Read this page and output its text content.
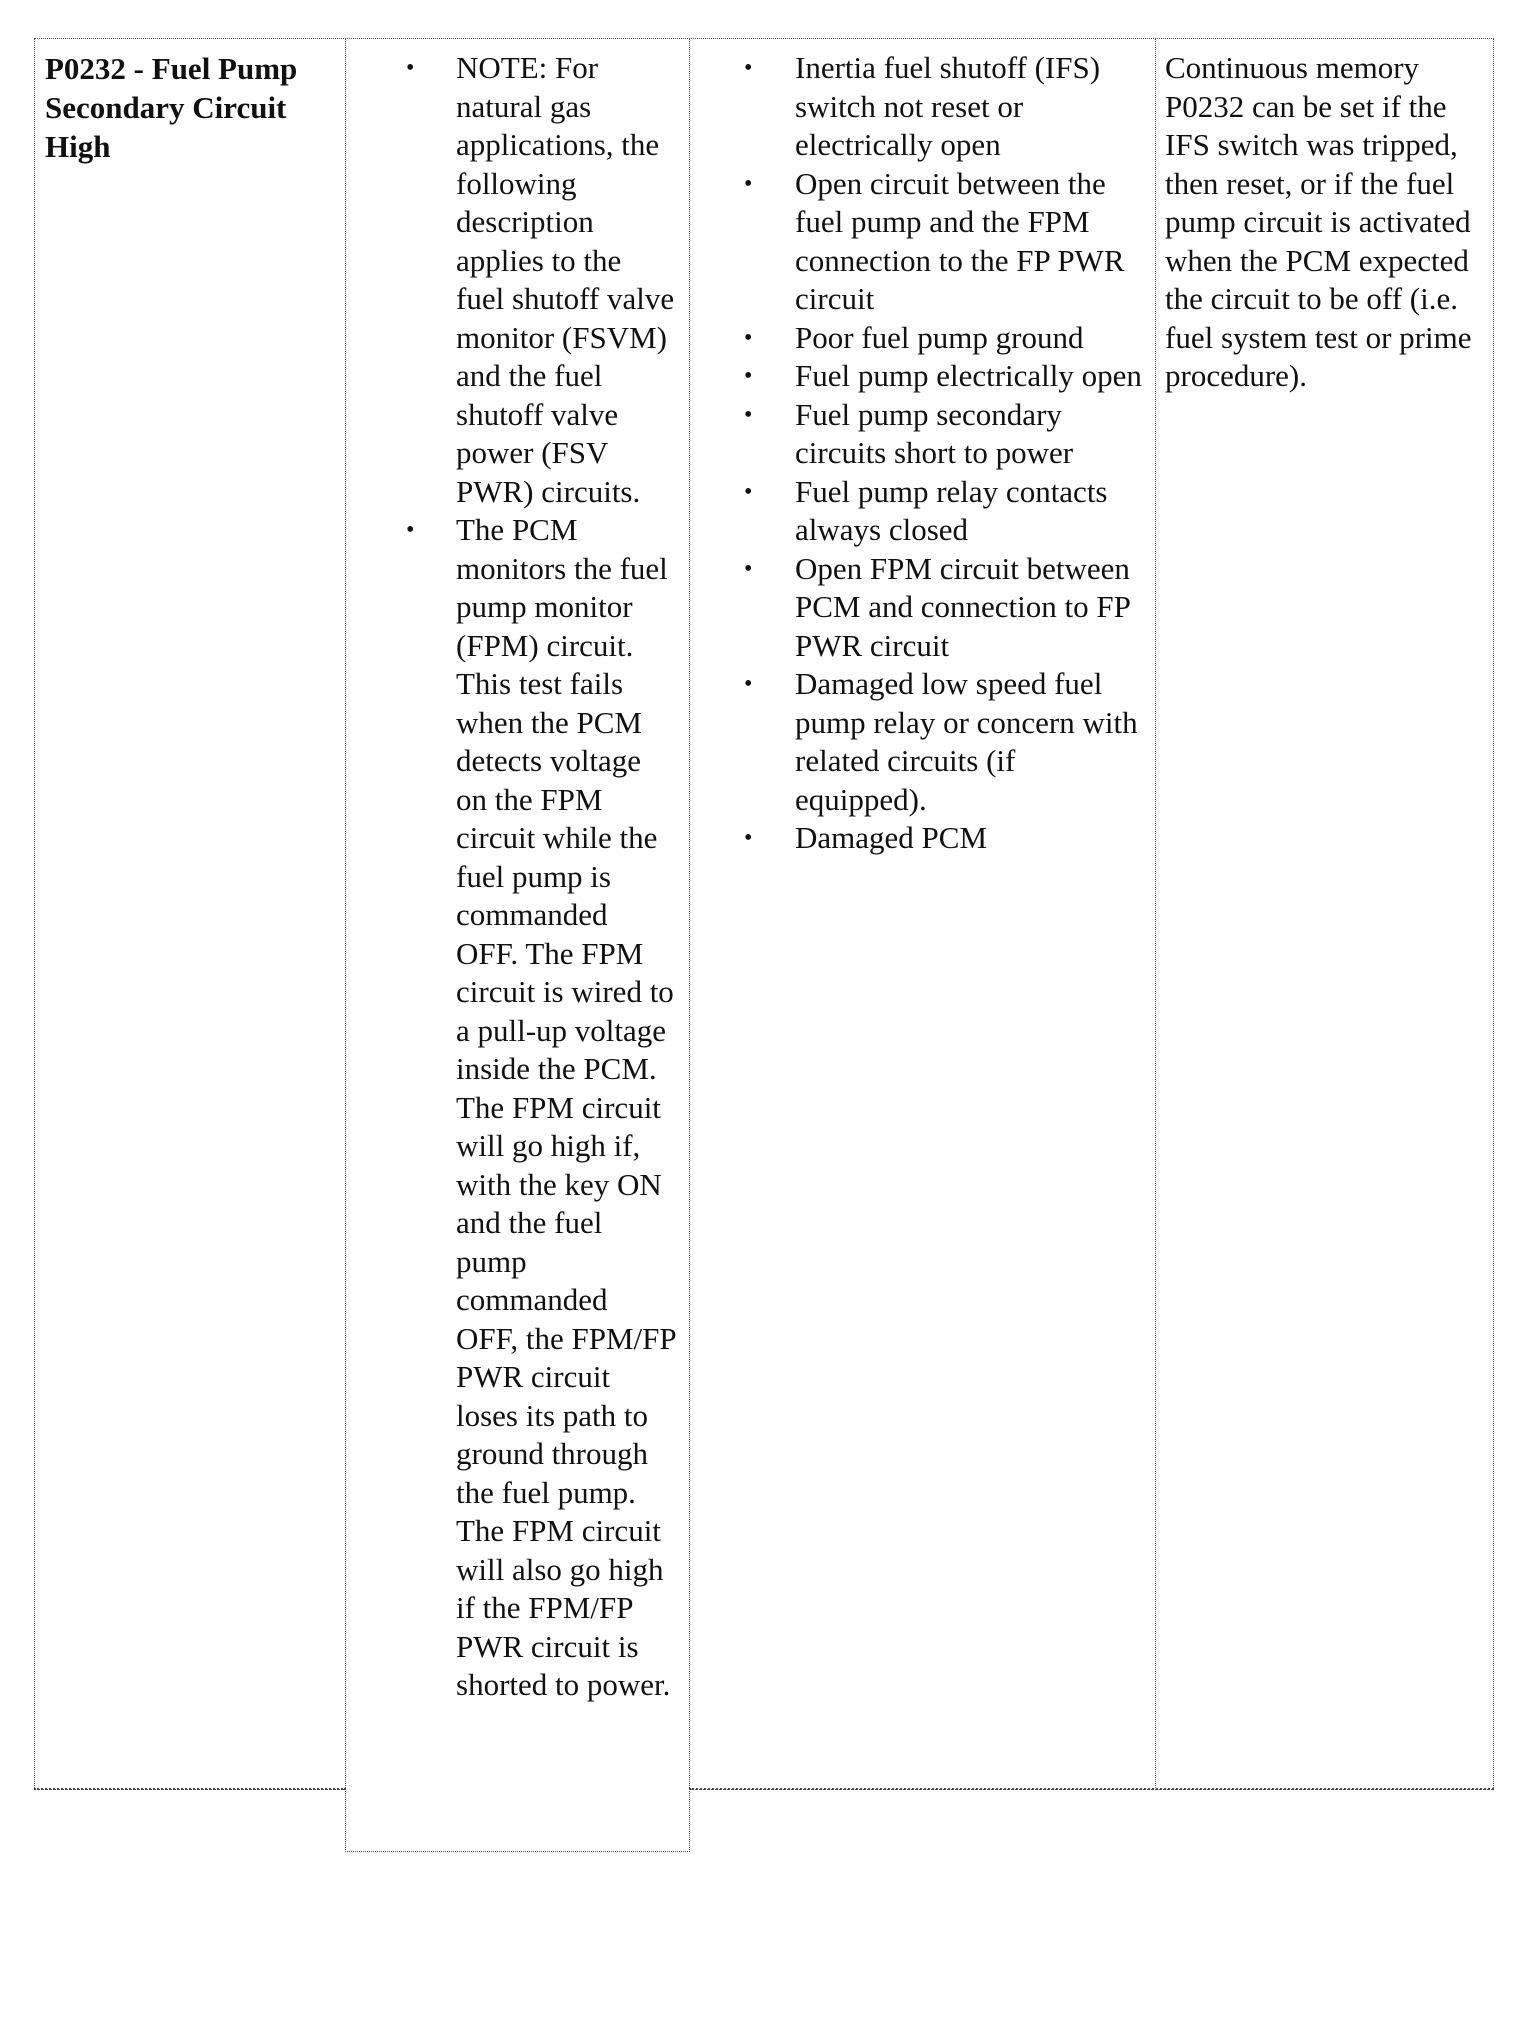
P0232 - Fuel Pump Secondary Circuit High

• NOTE: For natural gas applications, the following description applies to the fuel shutoff valve monitor (FSVM) and the fuel shutoff valve power (FSV PWR) circuits.
• The PCM monitors the fuel pump monitor (FPM) circuit. This test fails when the PCM detects voltage on the FPM circuit while the fuel pump is commanded OFF. The FPM circuit is wired to a pull-up voltage inside the PCM. The FPM circuit will go high if, with the key ON and the fuel pump commanded OFF, the FPM/FP PWR circuit loses its path to ground through the fuel pump. The FPM circuit will also go high if the FPM/FP PWR circuit is shorted to power.
• Inertia fuel shutoff (IFS) switch not reset or electrically open
• Open circuit between the fuel pump and the FPM connection to the FP PWR circuit
• Poor fuel pump ground
• Fuel pump electrically open
• Fuel pump secondary circuits short to power
• Fuel pump relay contacts always closed
• Open FPM circuit between PCM and connection to FP PWR circuit
• Damaged low speed fuel pump relay or concern with related circuits (if equipped).
• Damaged PCM

Continuous memory P0232 can be set if the IFS switch was tripped, then reset, or if the fuel pump circuit is activated when the PCM expected the circuit to be off (i.e. fuel system test or prime procedure).
